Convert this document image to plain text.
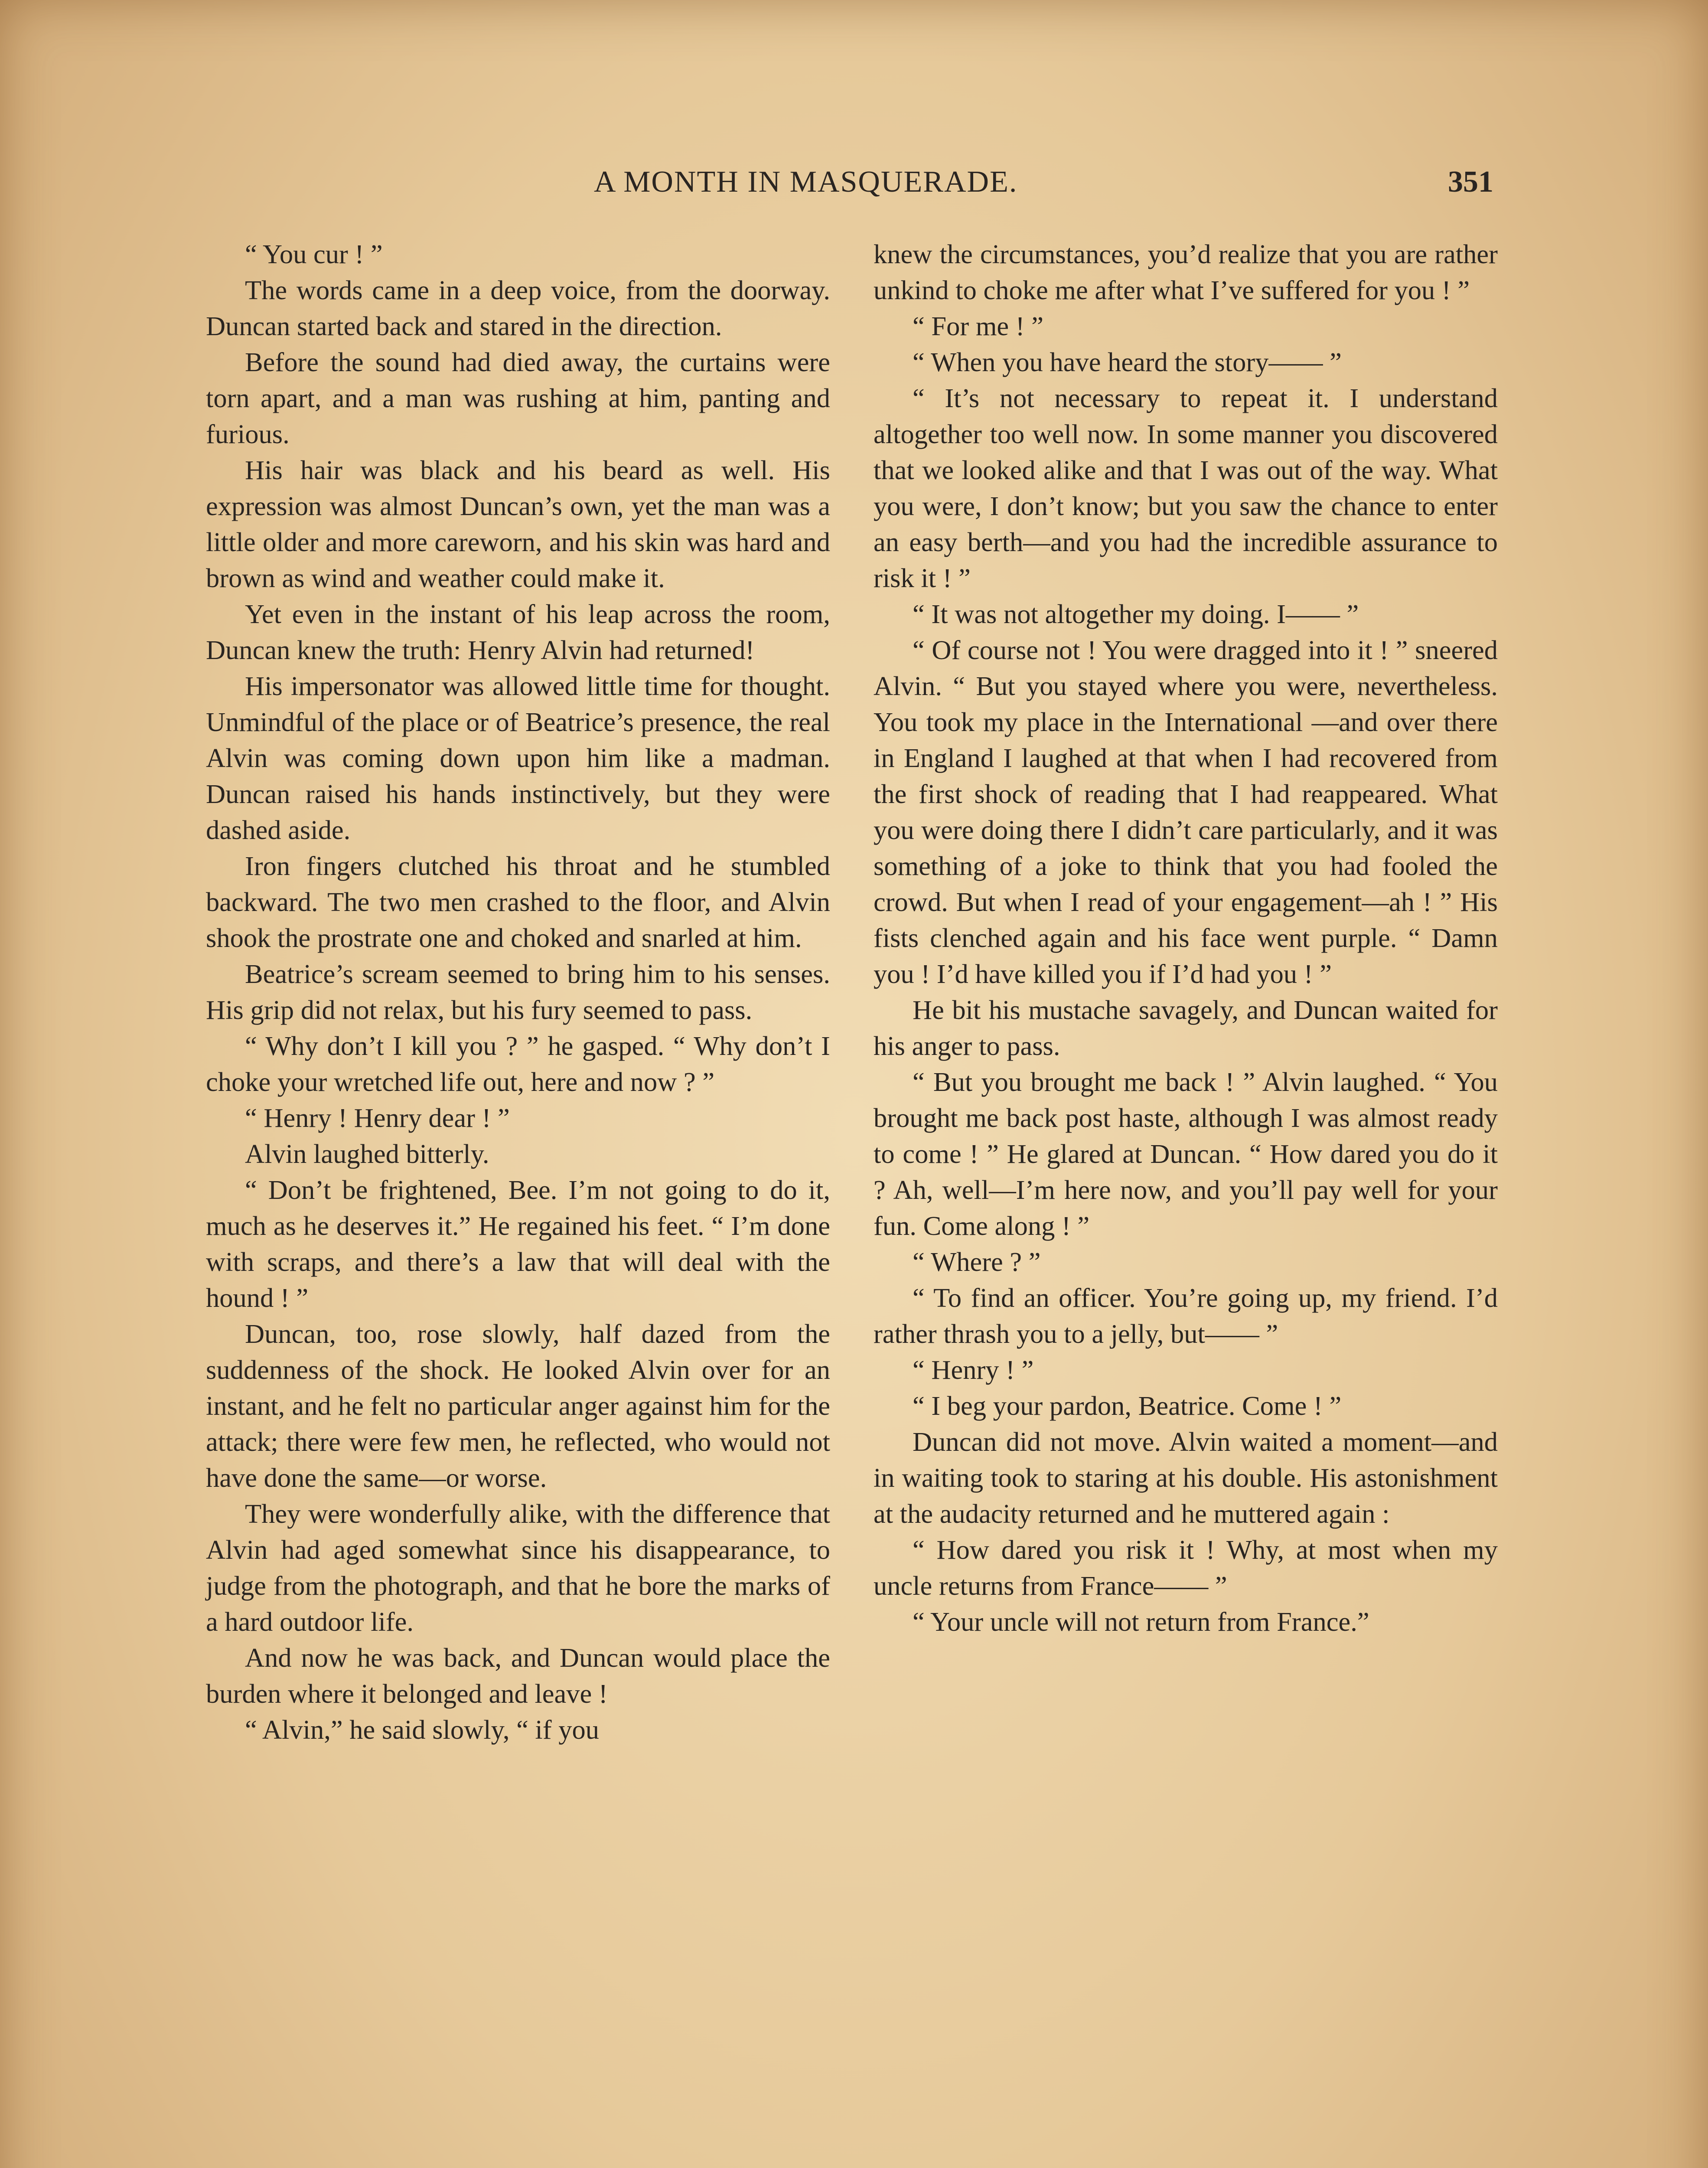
A MONTH IN MASQUERADE.	351

“ You cur ! ”

The words came in a deep voice, from the doorway. Duncan started back and stared in the direction.

Before the sound had died away, the curtains were torn apart, and a man was rushing at him, panting and furious.

His hair was black and his beard as well. His expression was almost Duncan’s own, yet the man was a little older and more careworn, and his skin was hard and brown as wind and weather could make it.

Yet even in the instant of his leap across the room, Duncan knew the truth: Henry Alvin had returned!

His impersonator was allowed little time for thought. Unmindful of the place or of Beatrice’s presence, the real Alvin was coming down upon him like a madman. Duncan raised his hands instinctively, but they were dashed aside.

Iron fingers clutched his throat and he stumbled backward. The two men crashed to the floor, and Alvin shook the prostrate one and choked and snarled at him.

Beatrice’s scream seemed to bring him to his senses. His grip did not relax, but his fury seemed to pass.

“ Why don’t I kill you ? ” he gasped. “ Why don’t I choke your wretched life out, here and now ? ”

“ Henry ! Henry dear ! ”

Alvin laughed bitterly.

“ Don’t be frightened, Bee. I’m not going to do it, much as he deserves it.” He regained his feet. “ I’m done with scraps, and there’s a law that will deal with the hound ! ”

Duncan, too, rose slowly, half dazed from the suddenness of the shock. He looked Alvin over for an instant, and he felt no particular anger against him for the attack; there were few men, he reflected, who would not have done the same—or worse.

They were wonderfully alike, with the difference that Alvin had aged somewhat since his disappearance, to judge from the photograph, and that he bore the marks of a hard outdoor life.

And now he was back, and Duncan would place the burden where it belonged and leave !

“ Alvin,” he said slowly, “ if you

knew the circumstances, you’d realize that you are rather unkind to choke me after what I’ve suffered for you ! ”

“ For me ! ”

“ When you have heard the story—— ”

“ It’s not necessary to repeat it. I understand altogether too well now. In some manner you discovered that we looked alike and that I was out of the way. What you were, I don’t know; but you saw the chance to enter an easy berth—and you had the incredible assurance to risk it ! ”

“ It was not altogether my doing. I—— ”

“ Of course not ! You were dragged into it ! ” sneered Alvin. “ But you stayed where you were, nevertheless. You took my place in the International —and over there in England I laughed at that when I had recovered from the first shock of reading that I had reappeared. What you were doing there I didn’t care particularly, and it was something of a joke to think that you had fooled the crowd. But when I read of your engagement—ah ! ” His fists clenched again and his face went purple. “ Damn you ! I’d have killed you if I’d had you ! ”

He bit his mustache savagely, and Duncan waited for his anger to pass.

“ But you brought me back ! ” Alvin laughed. “ You brought me back post haste, although I was almost ready to come ! ” He glared at Duncan. “ How dared you do it ? Ah, well—I’m here now, and you’ll pay well for your fun. Come along ! ”

“ Where ? ”

“ To find an officer. You’re going up, my friend. I’d rather thrash you to a jelly, but—— ”

“ Henry ! ”

“ I beg your pardon, Beatrice. Come ! ”

Duncan did not move. Alvin waited a moment—and in waiting took to staring at his double. His astonishment at the audacity returned and he muttered again :

“ How dared you risk it ! Why, at most when my uncle returns from France—— ”

“ Your uncle will not return from France.”
